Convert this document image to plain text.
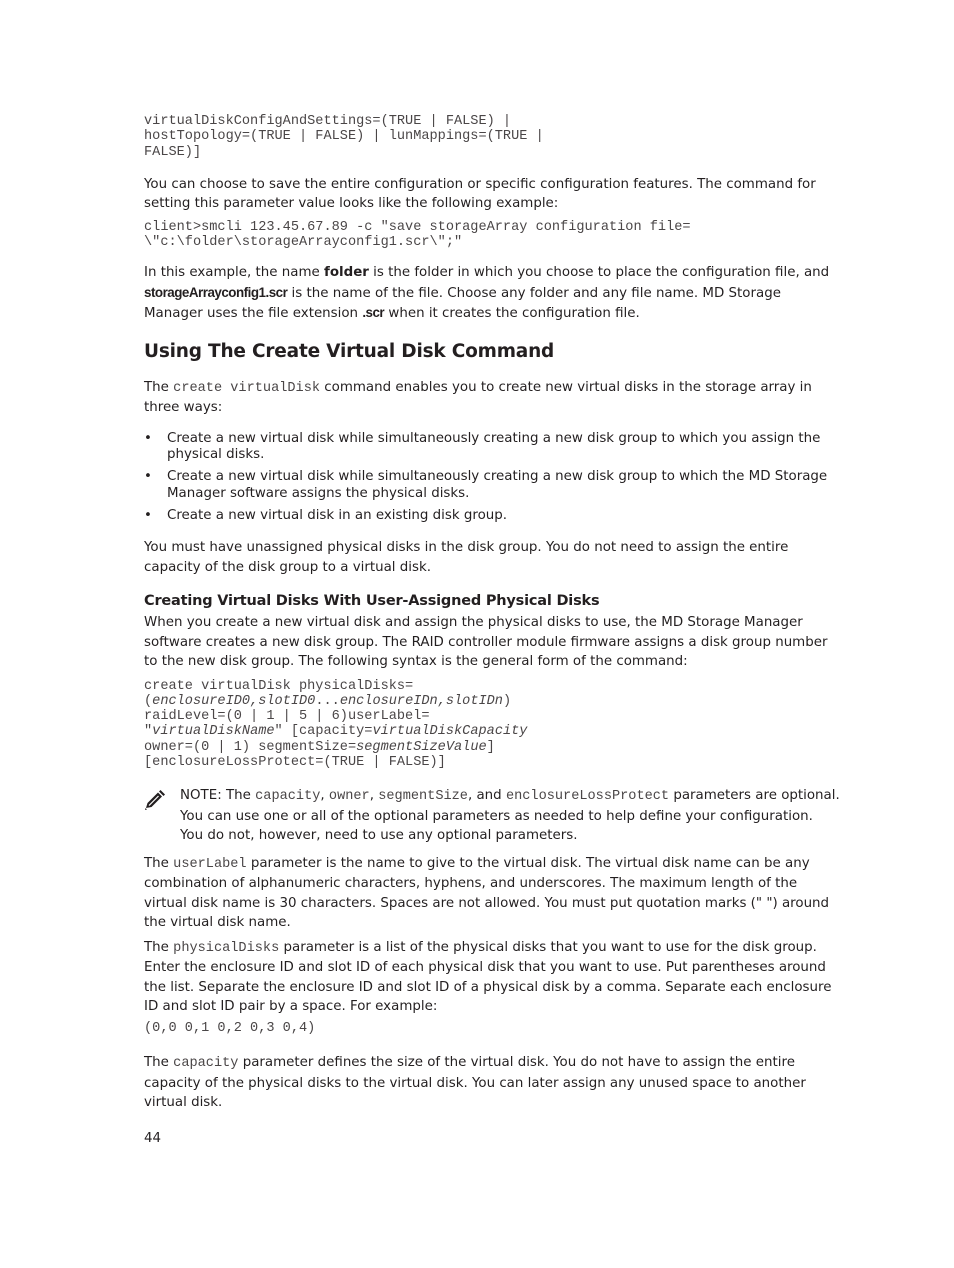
virtualDiskConfigAndSettings=(TRUE | FALSE) |
hostTopology=(TRUE | FALSE) | lunMappings=(TRUE |
FALSE)]

You can choose to save the entire configuration or specific configuration features. The command for setting this parameter value looks like the following example:

client>smcli 123.45.67.89 -c "save storageArray configuration file=
\"c:\folder\storageArrayconfig1.scr\";"

In this example, the name folder is the folder in which you choose to place the configuration file, and storageArrayconfig1.scr is the name of the file. Choose any folder and any file name. MD Storage Manager uses the file extension .scr when it creates the configuration file.

Using The Create Virtual Disk Command

The create virtualDisk command enables you to create new virtual disks in the storage array in three ways:

• Create a new virtual disk while simultaneously creating a new disk group to which you assign the physical disks.
• Create a new virtual disk while simultaneously creating a new disk group to which the MD Storage Manager software assigns the physical disks.
• Create a new virtual disk in an existing disk group.

You must have unassigned physical disks in the disk group. You do not need to assign the entire capacity of the disk group to a virtual disk.

Creating Virtual Disks With User-Assigned Physical Disks

When you create a new virtual disk and assign the physical disks to use, the MD Storage Manager software creates a new disk group. The RAID controller module firmware assigns a disk group number to the new disk group. The following syntax is the general form of the command:

create virtualDisk physicalDisks=
(enclosureID0,slotID0...enclosureIDn,slotIDn)
raidLevel=(0 | 1 | 5 | 6)userLabel=
"virtualDiskName" [capacity=virtualDiskCapacity
owner=(0 | 1) segmentSize=segmentSizeValue]
[enclosureLossProtect=(TRUE | FALSE)]

NOTE: The capacity, owner, segmentSize, and enclosureLossProtect parameters are optional. You can use one or all of the optional parameters as needed to help define your configuration. You do not, however, need to use any optional parameters.

The userLabel parameter is the name to give to the virtual disk. The virtual disk name can be any combination of alphanumeric characters, hyphens, and underscores. The maximum length of the virtual disk name is 30 characters. Spaces are not allowed. You must put quotation marks (" ") around the virtual disk name.

The physicalDisks parameter is a list of the physical disks that you want to use for the disk group. Enter the enclosure ID and slot ID of each physical disk that you want to use. Put parentheses around the list. Separate the enclosure ID and slot ID of a physical disk by a comma. Separate each enclosure ID and slot ID pair by a space. For example:

(0,0 0,1 0,2 0,3 0,4)

The capacity parameter defines the size of the virtual disk. You do not have to assign the entire capacity of the physical disks to the virtual disk. You can later assign any unused space to another virtual disk.

44
